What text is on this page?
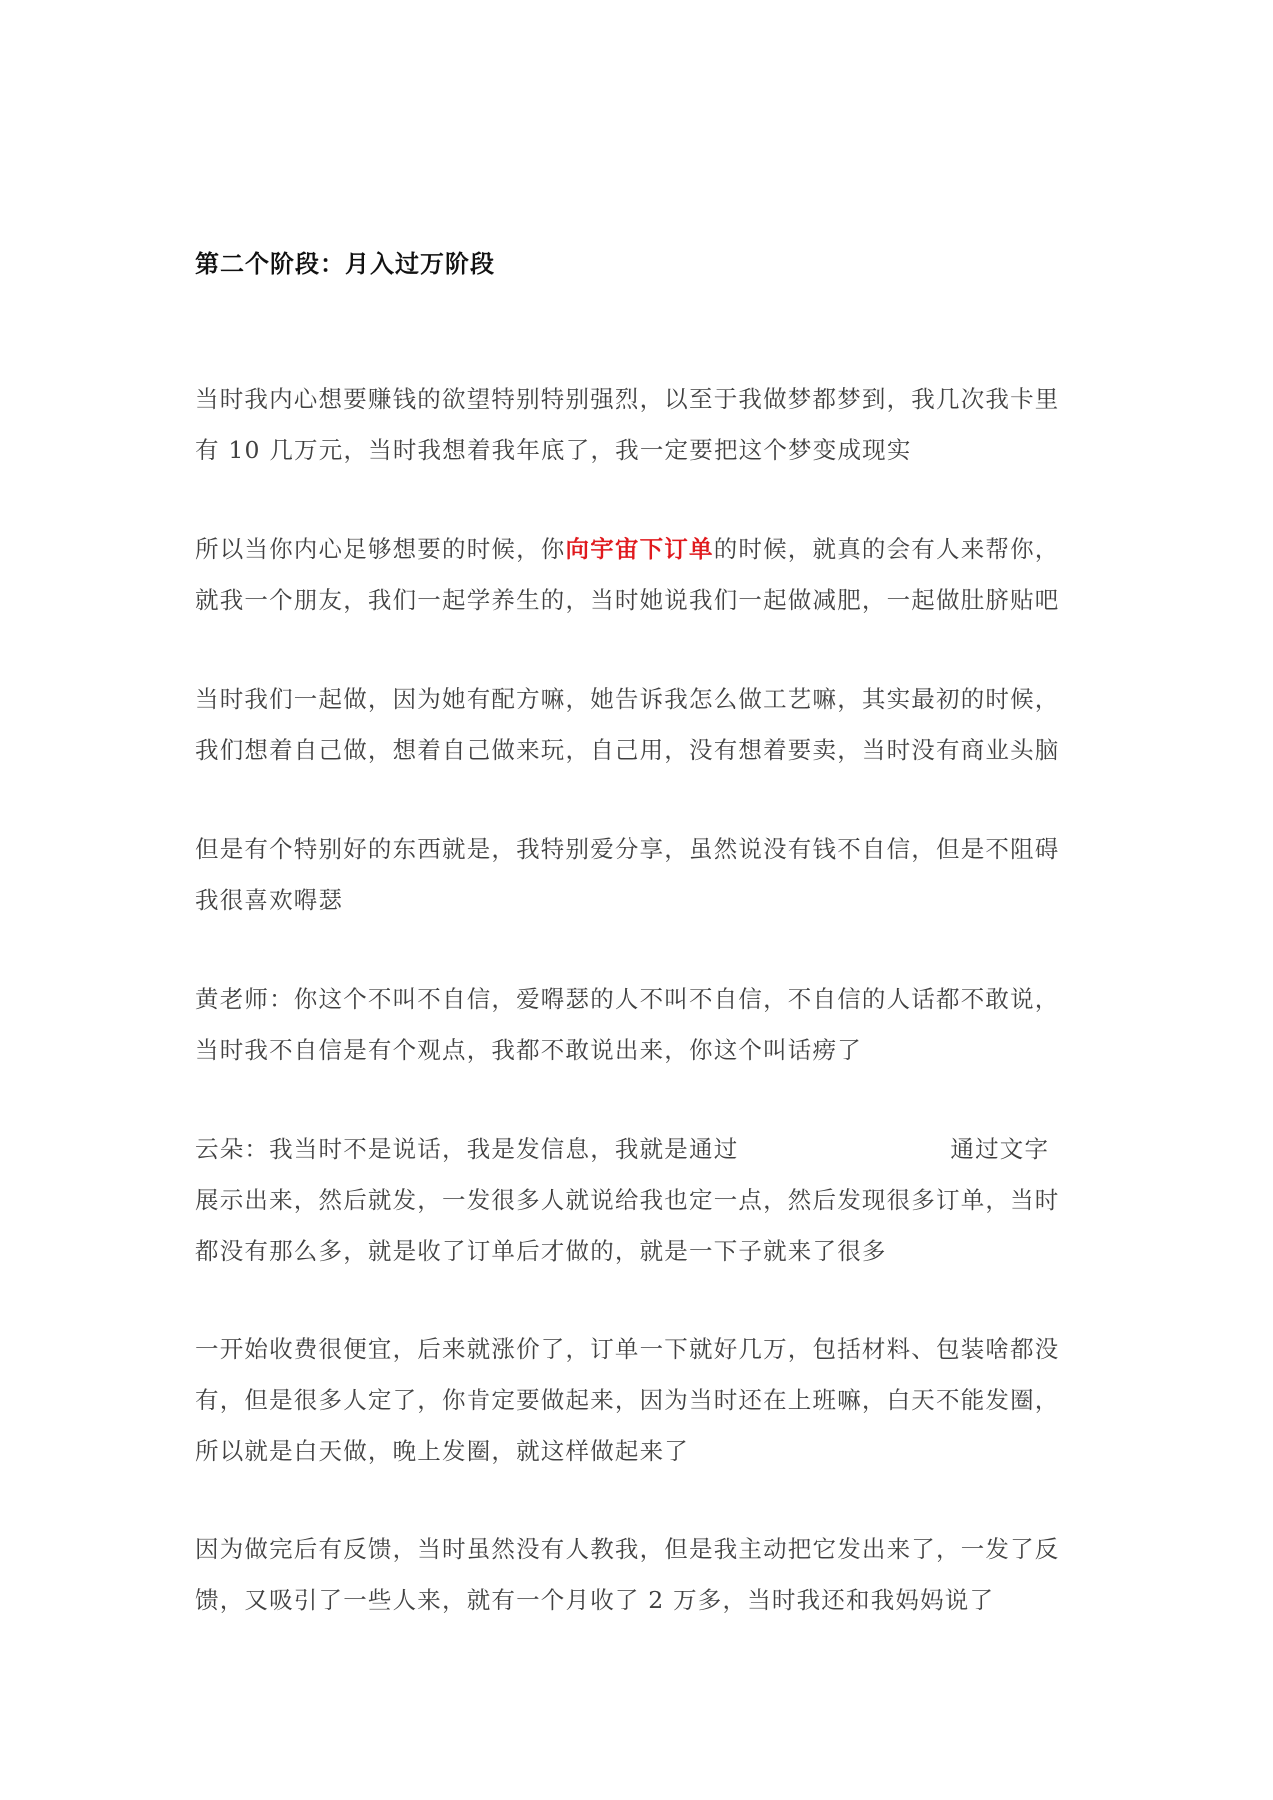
第二个阶段：月入过万阶段
当时我内心想要赚钱的欲望特别特别强烈，以至于我做梦都梦到，我几次我卡里
有 10 几万元，当时我想着我年底了，我一定要把这个梦变成现实
所以当你内心足够想要的时候，你向宇宙下订单的时候，就真的会有人来帮你，
就我一个朋友，我们一起学养生的，当时她说我们一起做减肥，一起做肚脐贴吧
当时我们一起做，因为她有配方嘛，她告诉我怎么做工艺嘛，其实最初的时候，
我们想着自己做，想着自己做来玩，自己用，没有想着要卖，当时没有商业头脑
但是有个特别好的东西就是，我特别爱分享，虽然说没有钱不自信，但是不阻碍
我很喜欢嘚瑟
黄老师：你这个不叫不自信，爱嘚瑟的人不叫不自信，不自信的人话都不敢说，
当时我不自信是有个观点，我都不敢说出来，你这个叫话痨了
云朵：我当时不是说话，我是发信息，我就是通过	通过文字
展示出来，然后就发，一发很多人就说给我也定一点，然后发现很多订单，当时
都没有那么多，就是收了订单后才做的，就是一下子就来了很多
一开始收费很便宜，后来就涨价了，订单一下就好几万，包括材料、包装啥都没
有，但是很多人定了，你肯定要做起来，因为当时还在上班嘛，白天不能发圈，
所以就是白天做，晚上发圈，就这样做起来了
因为做完后有反馈，当时虽然没有人教我，但是我主动把它发出来了，一发了反
馈，又吸引了一些人来，就有一个月收了 2 万多，当时我还和我妈妈说了
